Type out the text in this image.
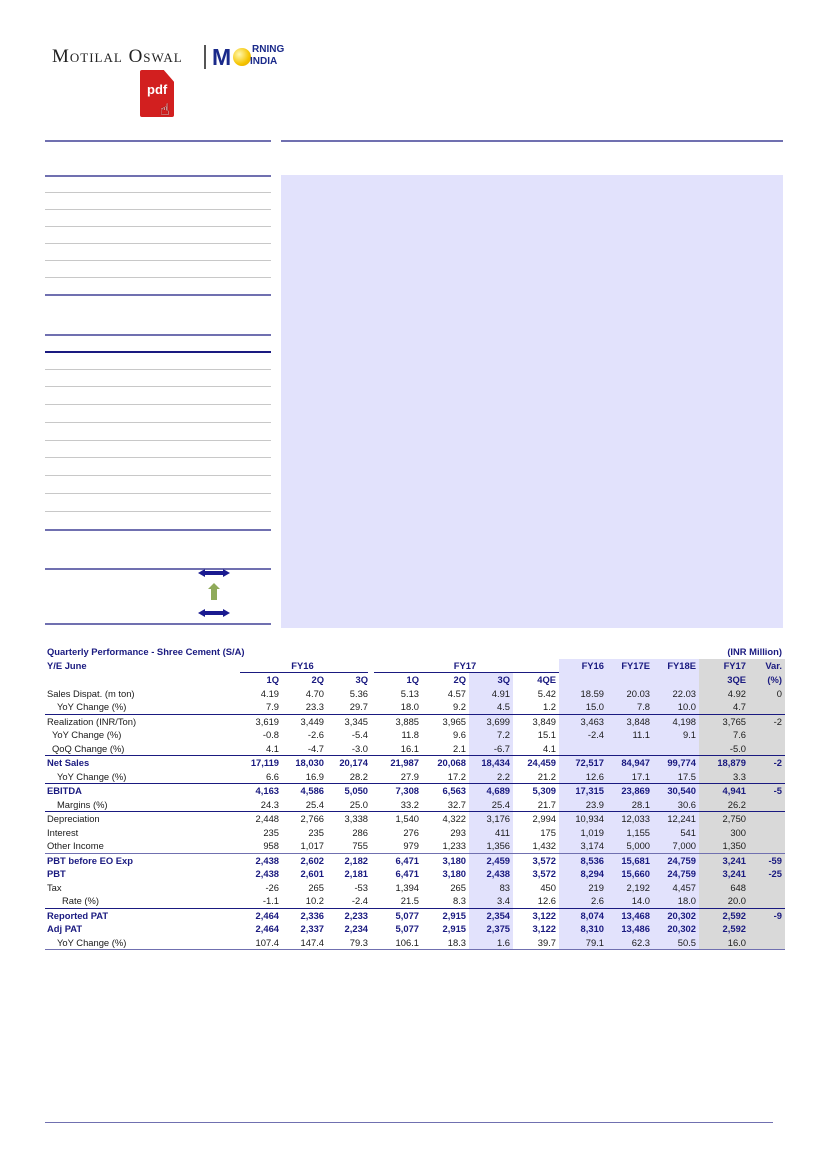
Motilal Oswal M RNING
INDIA
pdf
☝
Quarterly Performance - Shree Cement (S/A)								(INR Million)				
Y/E June	FY16			FY17				FY16	FY17E	FY18E	FY17	Var.
	1Q	2Q	3Q	1Q	2Q	3Q	4QE				3QE	(%)
Sales Dispat. (m ton)	4.19	4.70	5.36	5.13	4.57	4.91	5.42	18.59	20.03	22.03	4.92	0
YoY Change (%)	7.9	23.3	29.7	18.0	9.2	4.5	1.2	15.0	7.8	10.0	4.7	
Realization (INR/Ton)	3,619	3,449	3,345	3,885	3,965	3,699	3,849	3,463	3,848	4,198	3,765	-2
YoY Change (%)	-0.8	-2.6	-5.4	11.8	9.6	7.2	15.1	-2.4	11.1	9.1	7.6	
QoQ Change (%)	4.1	-4.7	-3.0	16.1	2.1	-6.7	4.1				-5.0	
Net Sales	17,119	18,030	20,174	21,987	20,068	18,434	24,459	72,517	84,947	99,774	18,879	-2
YoY Change (%)	6.6	16.9	28.2	27.9	17.2	2.2	21.2	12.6	17.1	17.5	3.3	
EBITDA	4,163	4,586	5,050	7,308	6,563	4,689	5,309	17,315	23,869	30,540	4,941	-5
Margins (%)	24.3	25.4	25.0	33.2	32.7	25.4	21.7	23.9	28.1	30.6	26.2	
Depreciation	2,448	2,766	3,338	1,540	4,322	3,176	2,994	10,934	12,033	12,241	2,750	
Interest	235	235	286	276	293	411	175	1,019	1,155	541	300	
Other Income	958	1,017	755	979	1,233	1,356	1,432	3,174	5,000	7,000	1,350	
PBT before EO Exp	2,438	2,602	2,182	6,471	3,180	2,459	3,572	8,536	15,681	24,759	3,241	-59
PBT	2,438	2,601	2,181	6,471	3,180	2,438	3,572	8,294	15,660	24,759	3,241	-25
Tax	-26	265	-53	1,394	265	83	450	219	2,192	4,457	648	
Rate (%)	-1.1	10.2	-2.4	21.5	8.3	3.4	12.6	2.6	14.0	18.0	20.0	
Reported PAT	2,464	2,336	2,233	5,077	2,915	2,354	3,122	8,074	13,468	20,302	2,592	-9
Adj PAT	2,464	2,337	2,234	5,077	2,915	2,375	3,122	8,310	13,486	20,302	2,592	
YoY Change (%)	107.4	147.4	79.3	106.1	18.3	1.6	39.7	79.1	62.3	50.5	16.0	
